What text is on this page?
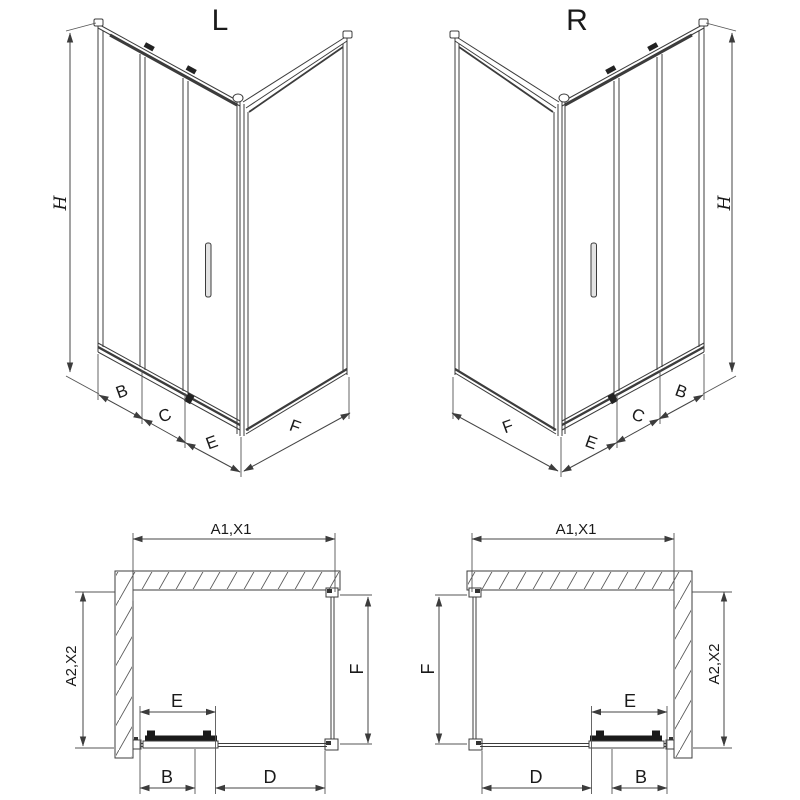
L
H
B
C
E
F
R
H
F
E
C
B
A1,X1
A2,X2	F
E
B	D
A1,X1
A2,X2
F
E
D	B
